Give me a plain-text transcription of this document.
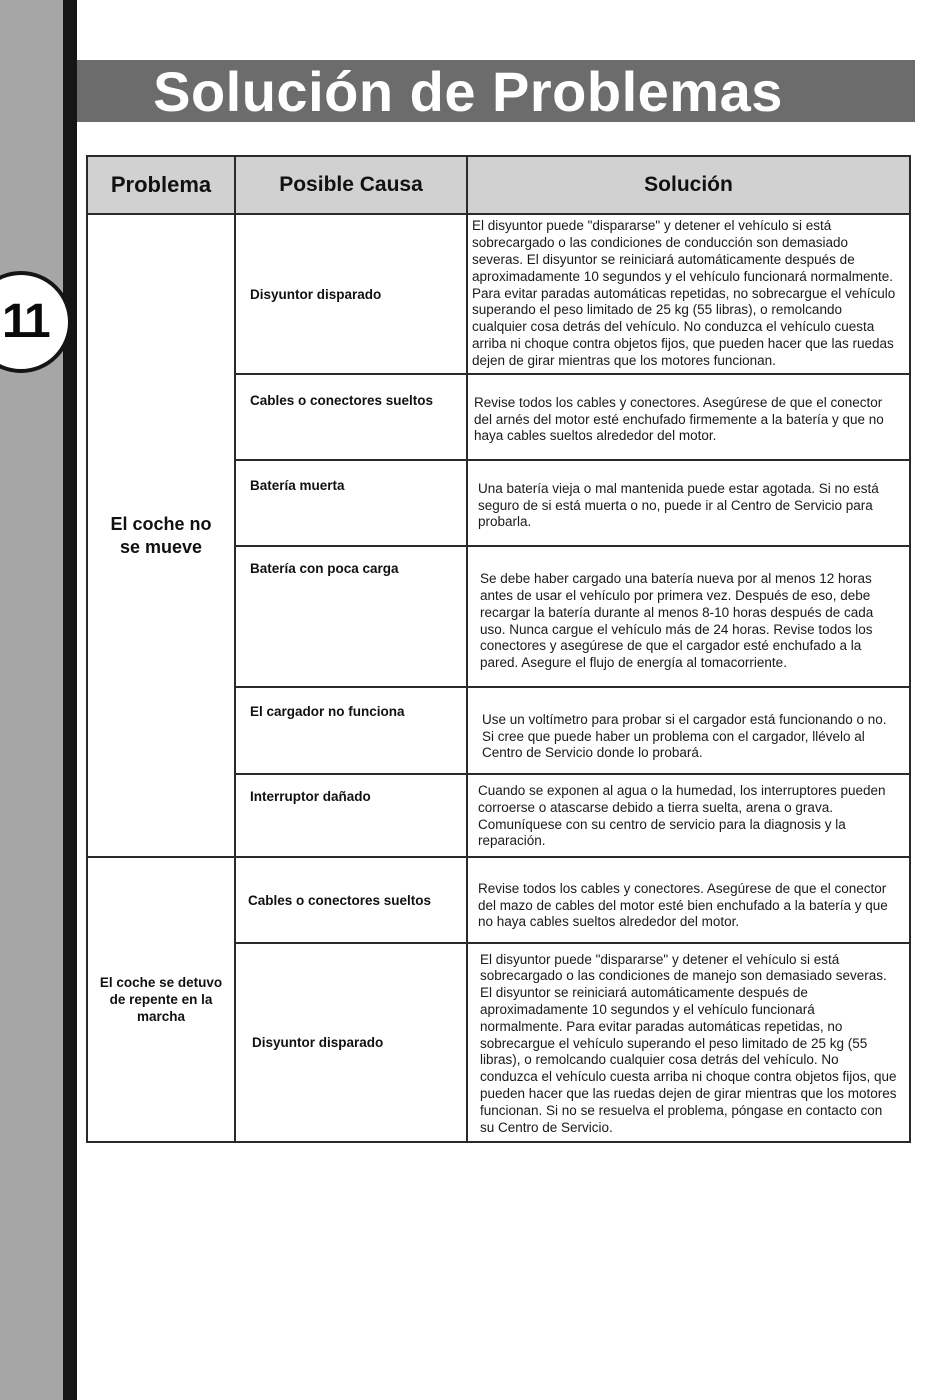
11
Solución de Problemas
Problema	Posible Causa	Solución
El coche no se mueve	Disyuntor disparado	El disyuntor puede "dispararse" y detener el vehículo si está sobrecargado o las condiciones de conducción son demasiado severas. El disyuntor se reiniciará automáticamente después de aproximadamente 10 segundos y el vehículo funcionará normalmente. Para evitar paradas automáticas repetidas, no sobrecargue el vehículo superando el peso limitado de 25 kg (55 libras), o remolcando cualquier cosa detrás del vehículo. No conduzca el vehículo cuesta arriba ni choque contra objetos fijos, que pueden hacer que las ruedas dejen de girar mientras que los motores funcionan.

	Cables o conectores sueltos	Revise todos los cables y conectores. Asegúrese de que el conector del arnés del motor esté enchufado firmemente a la batería y que no haya cables sueltos alrededor del motor.

	Batería muerta	Una batería vieja o mal mantenida puede estar agotada. Si no está seguro de si está muerta o no, puede ir al Centro de Servicio para probarla.

	Batería con poca carga	Se debe haber cargado una batería nueva por al menos 12 horas antes de usar el vehículo por primera vez. Después de eso, debe recargar la batería durante al menos 8-10 horas después de cada uso. Nunca cargue el vehículo más de 24 horas. Revise todos los conectores y asegúrese de que el cargador esté enchufado a la pared. Asegure el flujo de energía al tomacorriente.

	El cargador no funciona	Use un voltímetro para probar si el cargador está funcionando o no. Si cree que puede haber un problema con el cargador, llévelo al Centro de Servicio donde lo probará.

	Interruptor dañado	Cuando se exponen al agua o la humedad, los interruptores pueden corroerse o atascarse debido a tierra suelta, arena o grava. Comuníquese con su centro de servicio para la diagnosis y la reparación.
El coche se detuvo de repente en la marcha	Cables o conectores sueltos	Revise todos los cables y conectores. Asegúrese de que el conector del mazo de cables del motor esté bien enchufado a la batería y que no haya cables sueltos alrededor del motor.
	Disyuntor disparado	El disyuntor puede "dispararse" y detener el vehículo si está sobrecargado o las condiciones de manejo son demasiado severas. El disyuntor se reiniciará automáticamente después de aproximadamente 10 segundos y el vehículo funcionará normalmente. Para evitar paradas automáticas repetidas, no sobrecargue el vehículo superando el peso limitado de 25 kg (55 libras), o remolcando cualquier cosa detrás del vehículo. No conduzca el vehículo cuesta arriba ni choque contra objetos fijos, que pueden hacer que las ruedas dejen de girar mientras que los motores funcionan. Si no se resuelva el problema, póngase en contacto con su Centro de Servicio.
